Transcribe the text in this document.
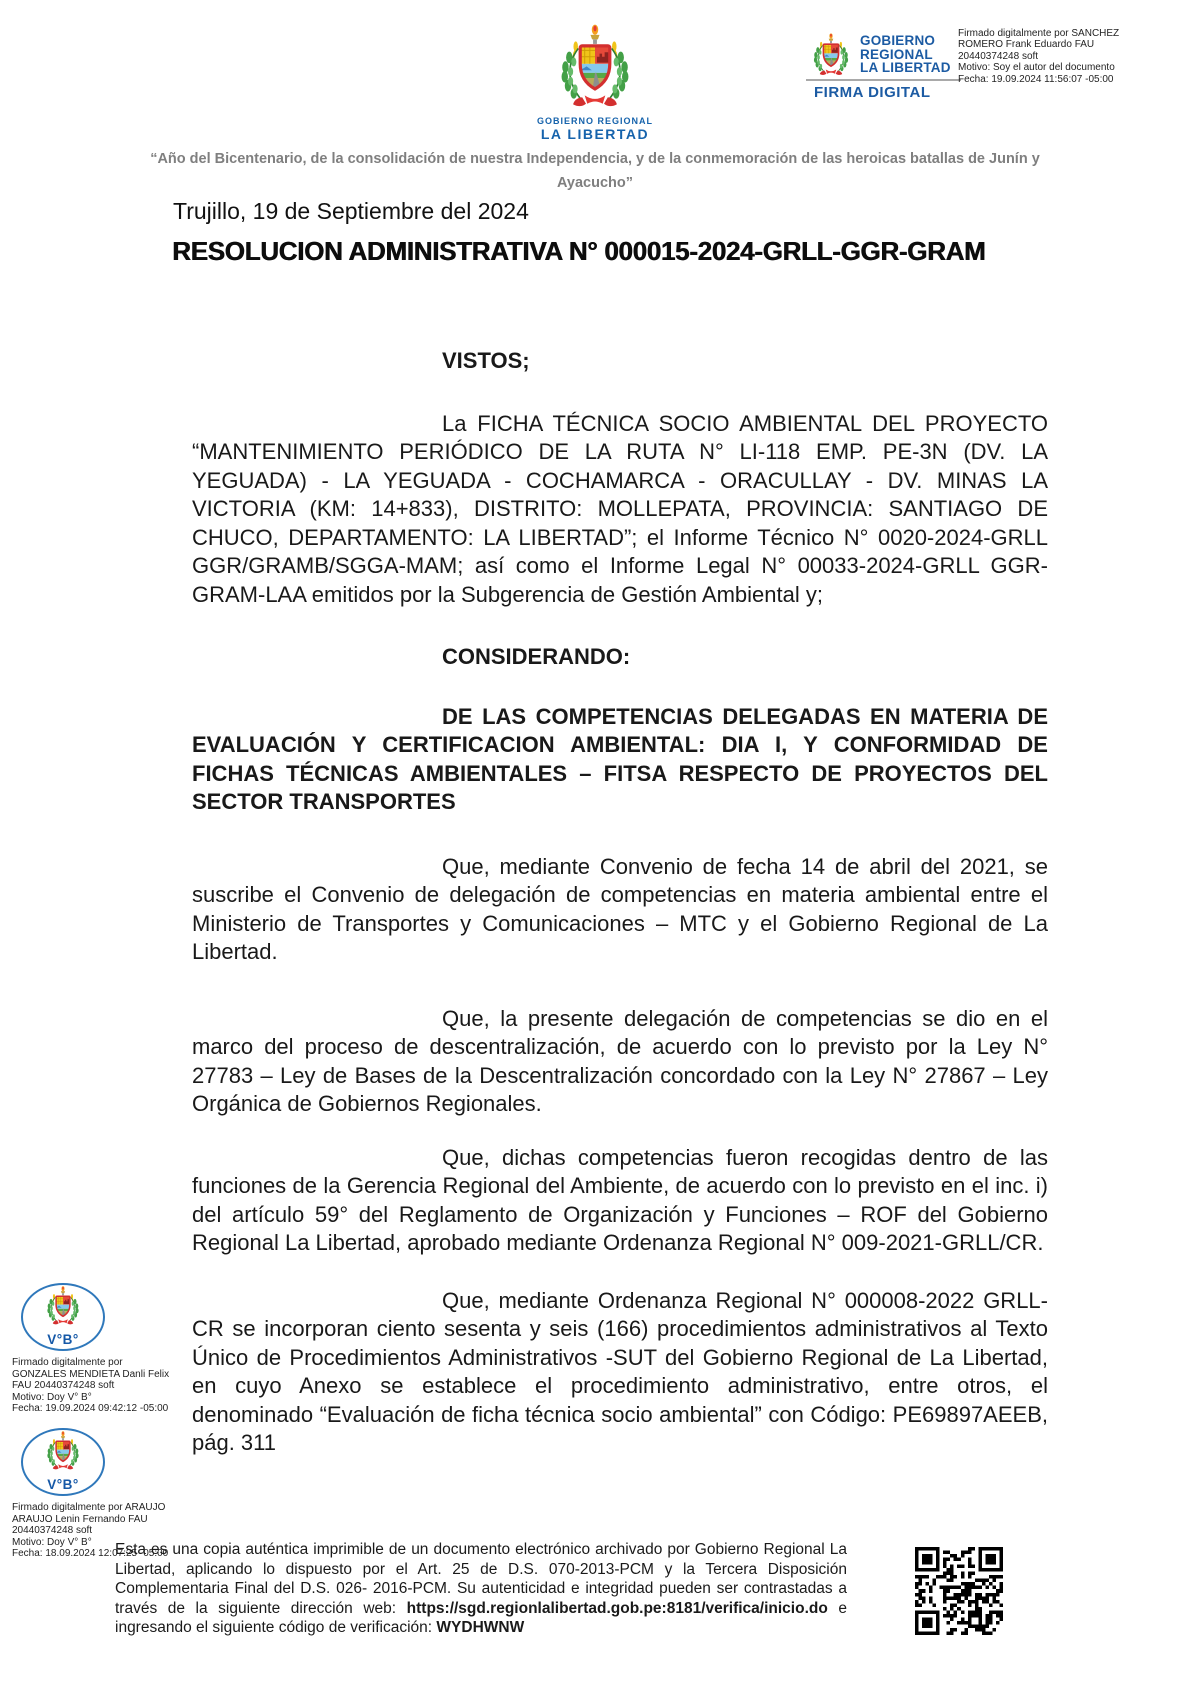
GOBIERNO REGIONAL
LA LIBERTAD
GOBIERNO
REGIONAL
LA LIBERTAD
FIRMA DIGITAL
Firmado digitalmente por SANCHEZ
ROMERO Frank Eduardo FAU
20440374248 soft
Motivo: Soy el autor del documento
Fecha: 19.09.2024 11:56:07 -05:00
“Año del Bicentenario, de la consolidación de nuestra Independencia, y de la conmemoración de las heroicas batallas de Junín y
Ayacucho”
Trujillo, 19 de Septiembre del 2024
RESOLUCION ADMINISTRATIVA N° 000015-2024-GRLL-GGR-GRAM
VISTOS;

La FICHA TÉCNICA SOCIO AMBIENTAL DEL PROYECTO “MANTENIMIENTO PERIÓDICO DE LA RUTA N° LI-118 EMP. PE-3N (DV. LA YEGUADA) - LA YEGUADA - COCHAMARCA - ORACULLAY - DV. MINAS LA VICTORIA (KM: 14+833), DISTRITO: MOLLEPATA, PROVINCIA: SANTIAGO DE CHUCO, DEPARTAMENTO: LA LIBERTAD”; el Informe Técnico N° 0020-2024-GRLL GGR/GRAMB/SGGA-MAM; así como el Informe Legal N° 00033-2024-GRLL GGR-GRAM-LAA emitidos por la Subgerencia de Gestión Ambiental y;

CONSIDERANDO:

DE LAS COMPETENCIAS DELEGADAS EN MATERIA DE EVALUACIÓN Y CERTIFICACION AMBIENTAL: DIA I, Y CONFORMIDAD DE FICHAS TÉCNICAS AMBIENTALES – FITSA RESPECTO DE PROYECTOS DEL SECTOR TRANSPORTES

Que, mediante Convenio de fecha 14 de abril del 2021, se suscribe el Convenio de delegación de competencias en materia ambiental entre el Ministerio de Transportes y Comunicaciones – MTC y el Gobierno Regional de La Libertad.

Que, la presente delegación de competencias se dio en el marco del proceso de descentralización, de acuerdo con lo previsto por la Ley N° 27783 – Ley de Bases de la Descentralización concordado con la Ley N° 27867 – Ley Orgánica de Gobiernos Regionales.

Que, dichas competencias fueron recogidas dentro de las funciones de la Gerencia Regional del Ambiente, de acuerdo con lo previsto en el inc. i) del artículo 59° del Reglamento de Organización y Funciones – ROF del Gobierno Regional La Libertad, aprobado mediante Ordenanza Regional N° 009-2021-GRLL/CR.

Que, mediante Ordenanza Regional N° 000008-2022 GRLL-CR se incorporan ciento sesenta y seis (166) procedimientos administrativos al Texto Único de Procedimientos Administrativos -SUT del Gobierno Regional de La Libertad, en cuyo Anexo se establece el procedimiento administrativo, entre otros, el denominado “Evaluación de ficha técnica socio ambiental” con Código: PE69897AEEB, pág. 311

V°B°
Firmado digitalmente por
GONZALES MENDIETA Danli Felix
FAU 20440374248 soft
Motivo: Doy V° B°
Fecha: 19.09.2024 09:42:12 -05:00
V°B°
Firmado digitalmente por ARAUJO
ARAUJO Lenin Fernando FAU
20440374248 soft
Motivo: Doy V° B°
Fecha: 18.09.2024 12:07:25 -05:00
Esta es una copia auténtica imprimible de un documento electrónico archivado por Gobierno Regional La Libertad, aplicando lo dispuesto por el Art. 25 de D.S. 070-2013-PCM y la Tercera Disposición Complementaria Final del D.S. 026- 2016-PCM. Su autenticidad e integridad pueden ser contrastadas a través de la siguiente dirección web: https://sgd.regionlalibertad.gob.pe:8181/verifica/inicio.do e ingresando el siguiente código de verificación: WYDHWNW
